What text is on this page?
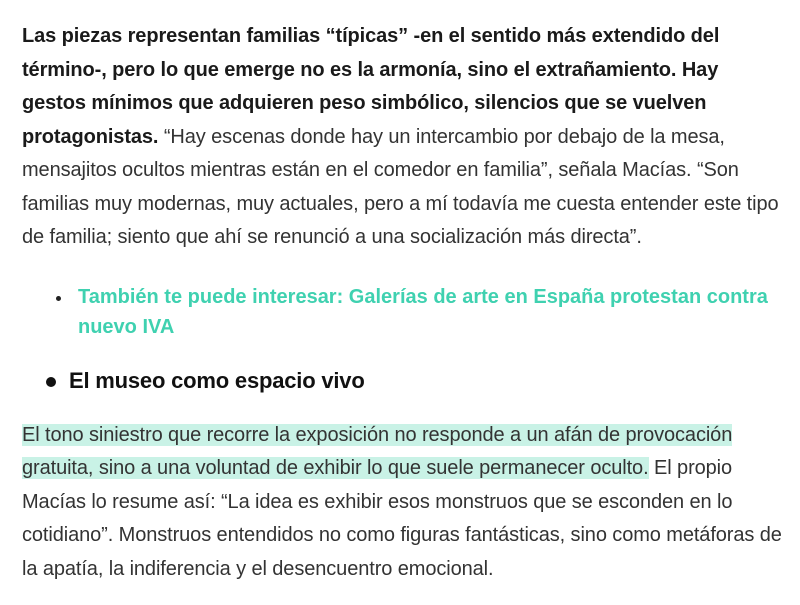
Las piezas representan familias “típicas” -en el sentido más extendido del término-, pero lo que emerge no es la armonía, sino el extrañamiento. Hay gestos mínimos que adquieren peso simbólico, silencios que se vuelven protagonistas. “Hay escenas donde hay un intercambio por debajo de la mesa, mensajitos ocultos mientras están en el comedor en familia”, señala Macías. “Son familias muy modernas, muy actuales, pero a mí todavía me cuesta entender este tipo de familia; siento que ahí se renunció a una socialización más directa”.

También te puede interesar: Galerías de arte en España protestan contra nuevo IVA
El museo como espacio vivo

El tono siniestro que recorre la exposición no responde a un afán de provocación gratuita, sino a una voluntad de exhibir lo que suele permanecer oculto. El propio Macías lo resume así: “La idea es exhibir esos monstruos que se esconden en lo cotidiano”. Monstruos entendidos no como figuras fantásticas, sino como metáforas de la apatía, la indiferencia y el desencuentro emocional.
